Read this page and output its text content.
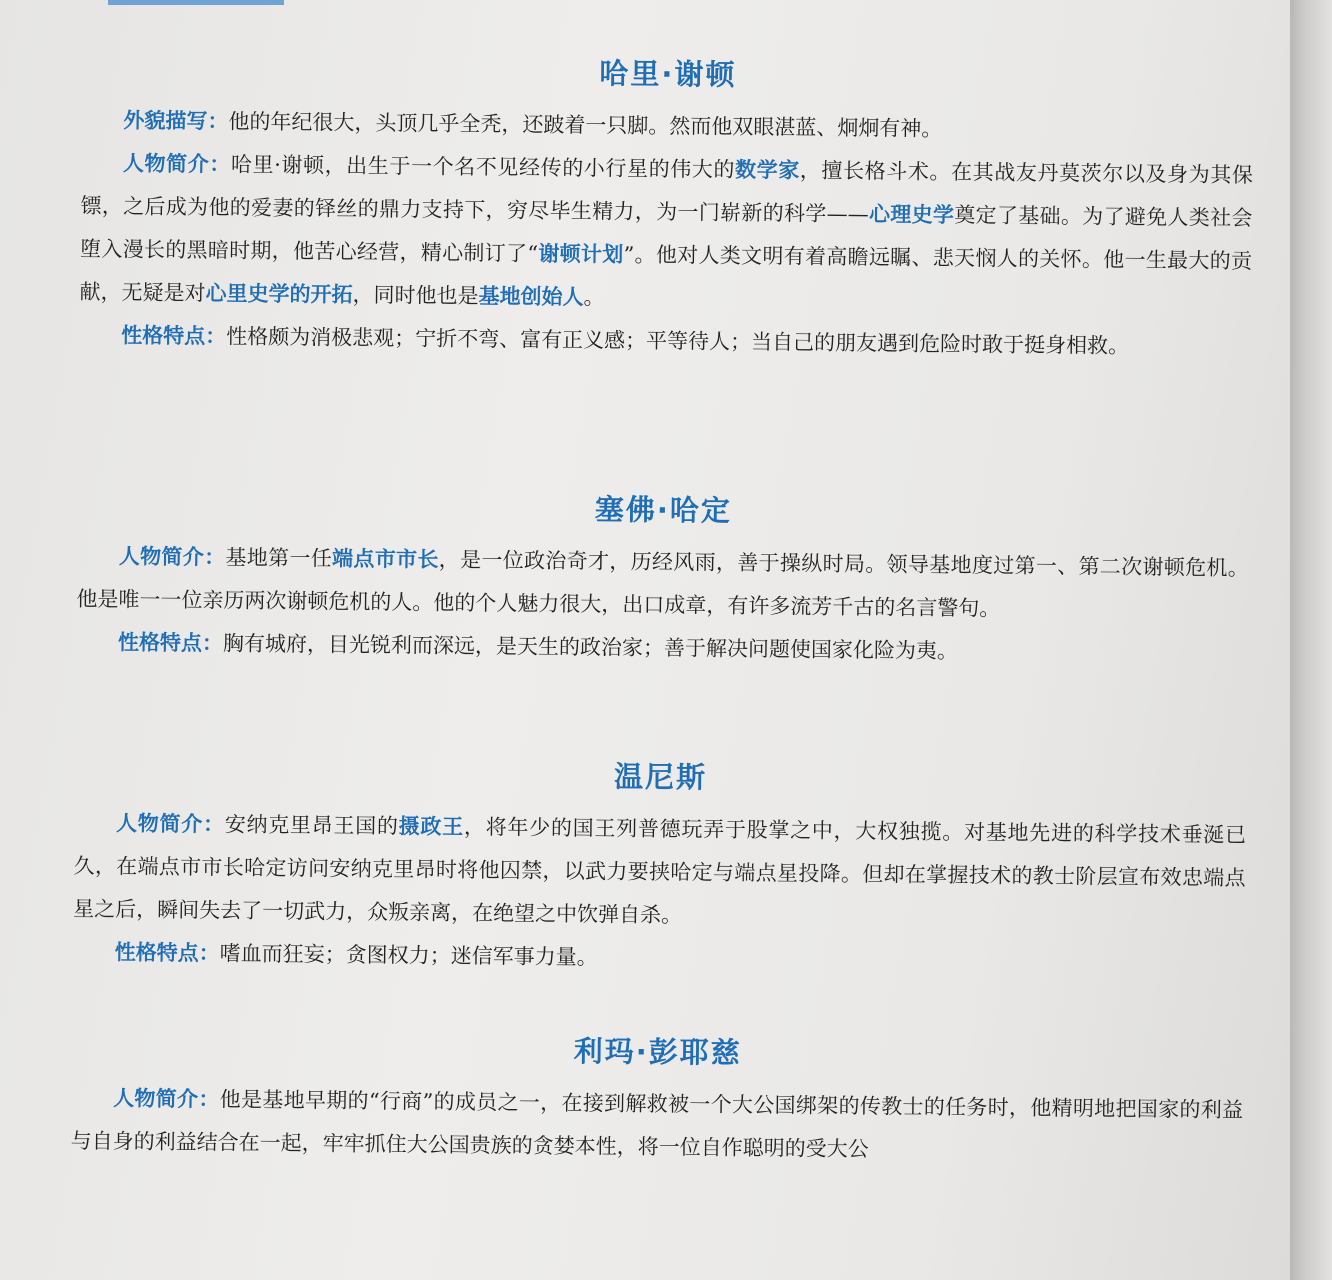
哈里·谢顿

外貌描写：他的年纪很大，头顶几乎全秃，还跛着一只脚。然而他双眼湛蓝、炯炯有神。

人物简介：哈里·谢顿，出生于一个名不见经传的小行星的伟大的数学家，擅长格斗术。在其战友丹莫茨尔以及身为其保镖，之后成为他的爱妻的铎丝的鼎力支持下，穷尽毕生精力，为一门崭新的科学——心理史学奠定了基础。为了避免人类社会堕入漫长的黑暗时期，他苦心经营，精心制订了“谢顿计划”。他对人类文明有着高瞻远瞩、悲天悯人的关怀。他一生最大的贡献，无疑是对心里史学的开拓，同时他也是基地创始人。

性格特点：性格颇为消极悲观；宁折不弯、富有正义感；平等待人；当自己的朋友遇到危险时敢于挺身相救。

塞佛·哈定

人物简介：基地第一任端点市市长，是一位政治奇才，历经风雨，善于操纵时局。领导基地度过第一、第二次谢顿危机。他是唯一一位亲历两次谢顿危机的人。他的个人魅力很大，出口成章，有许多流芳千古的名言警句。

性格特点：胸有城府，目光锐利而深远，是天生的政治家；善于解决问题使国家化险为夷。

温尼斯

人物简介：安纳克里昂王国的摄政王，将年少的国王列普德玩弄于股掌之中，大权独揽。对基地先进的科学技术垂涎已久，在端点市市长哈定访问安纳克里昂时将他囚禁，以武力要挟哈定与端点星投降。但却在掌握技术的教士阶层宣布效忠端点星之后，瞬间失去了一切武力，众叛亲离，在绝望之中饮弹自杀。

性格特点：嗜血而狂妄；贪图权力；迷信军事力量。

利玛·彭耶慈

人物简介：他是基地早期的“行商”的成员之一，在接到解救被一个大公国绑架的传教士的任务时，他精明地把国家的利益与自身的利益结合在一起，牢牢抓住大公国贵族的贪婪本性，将一位自作聪明的受大公
